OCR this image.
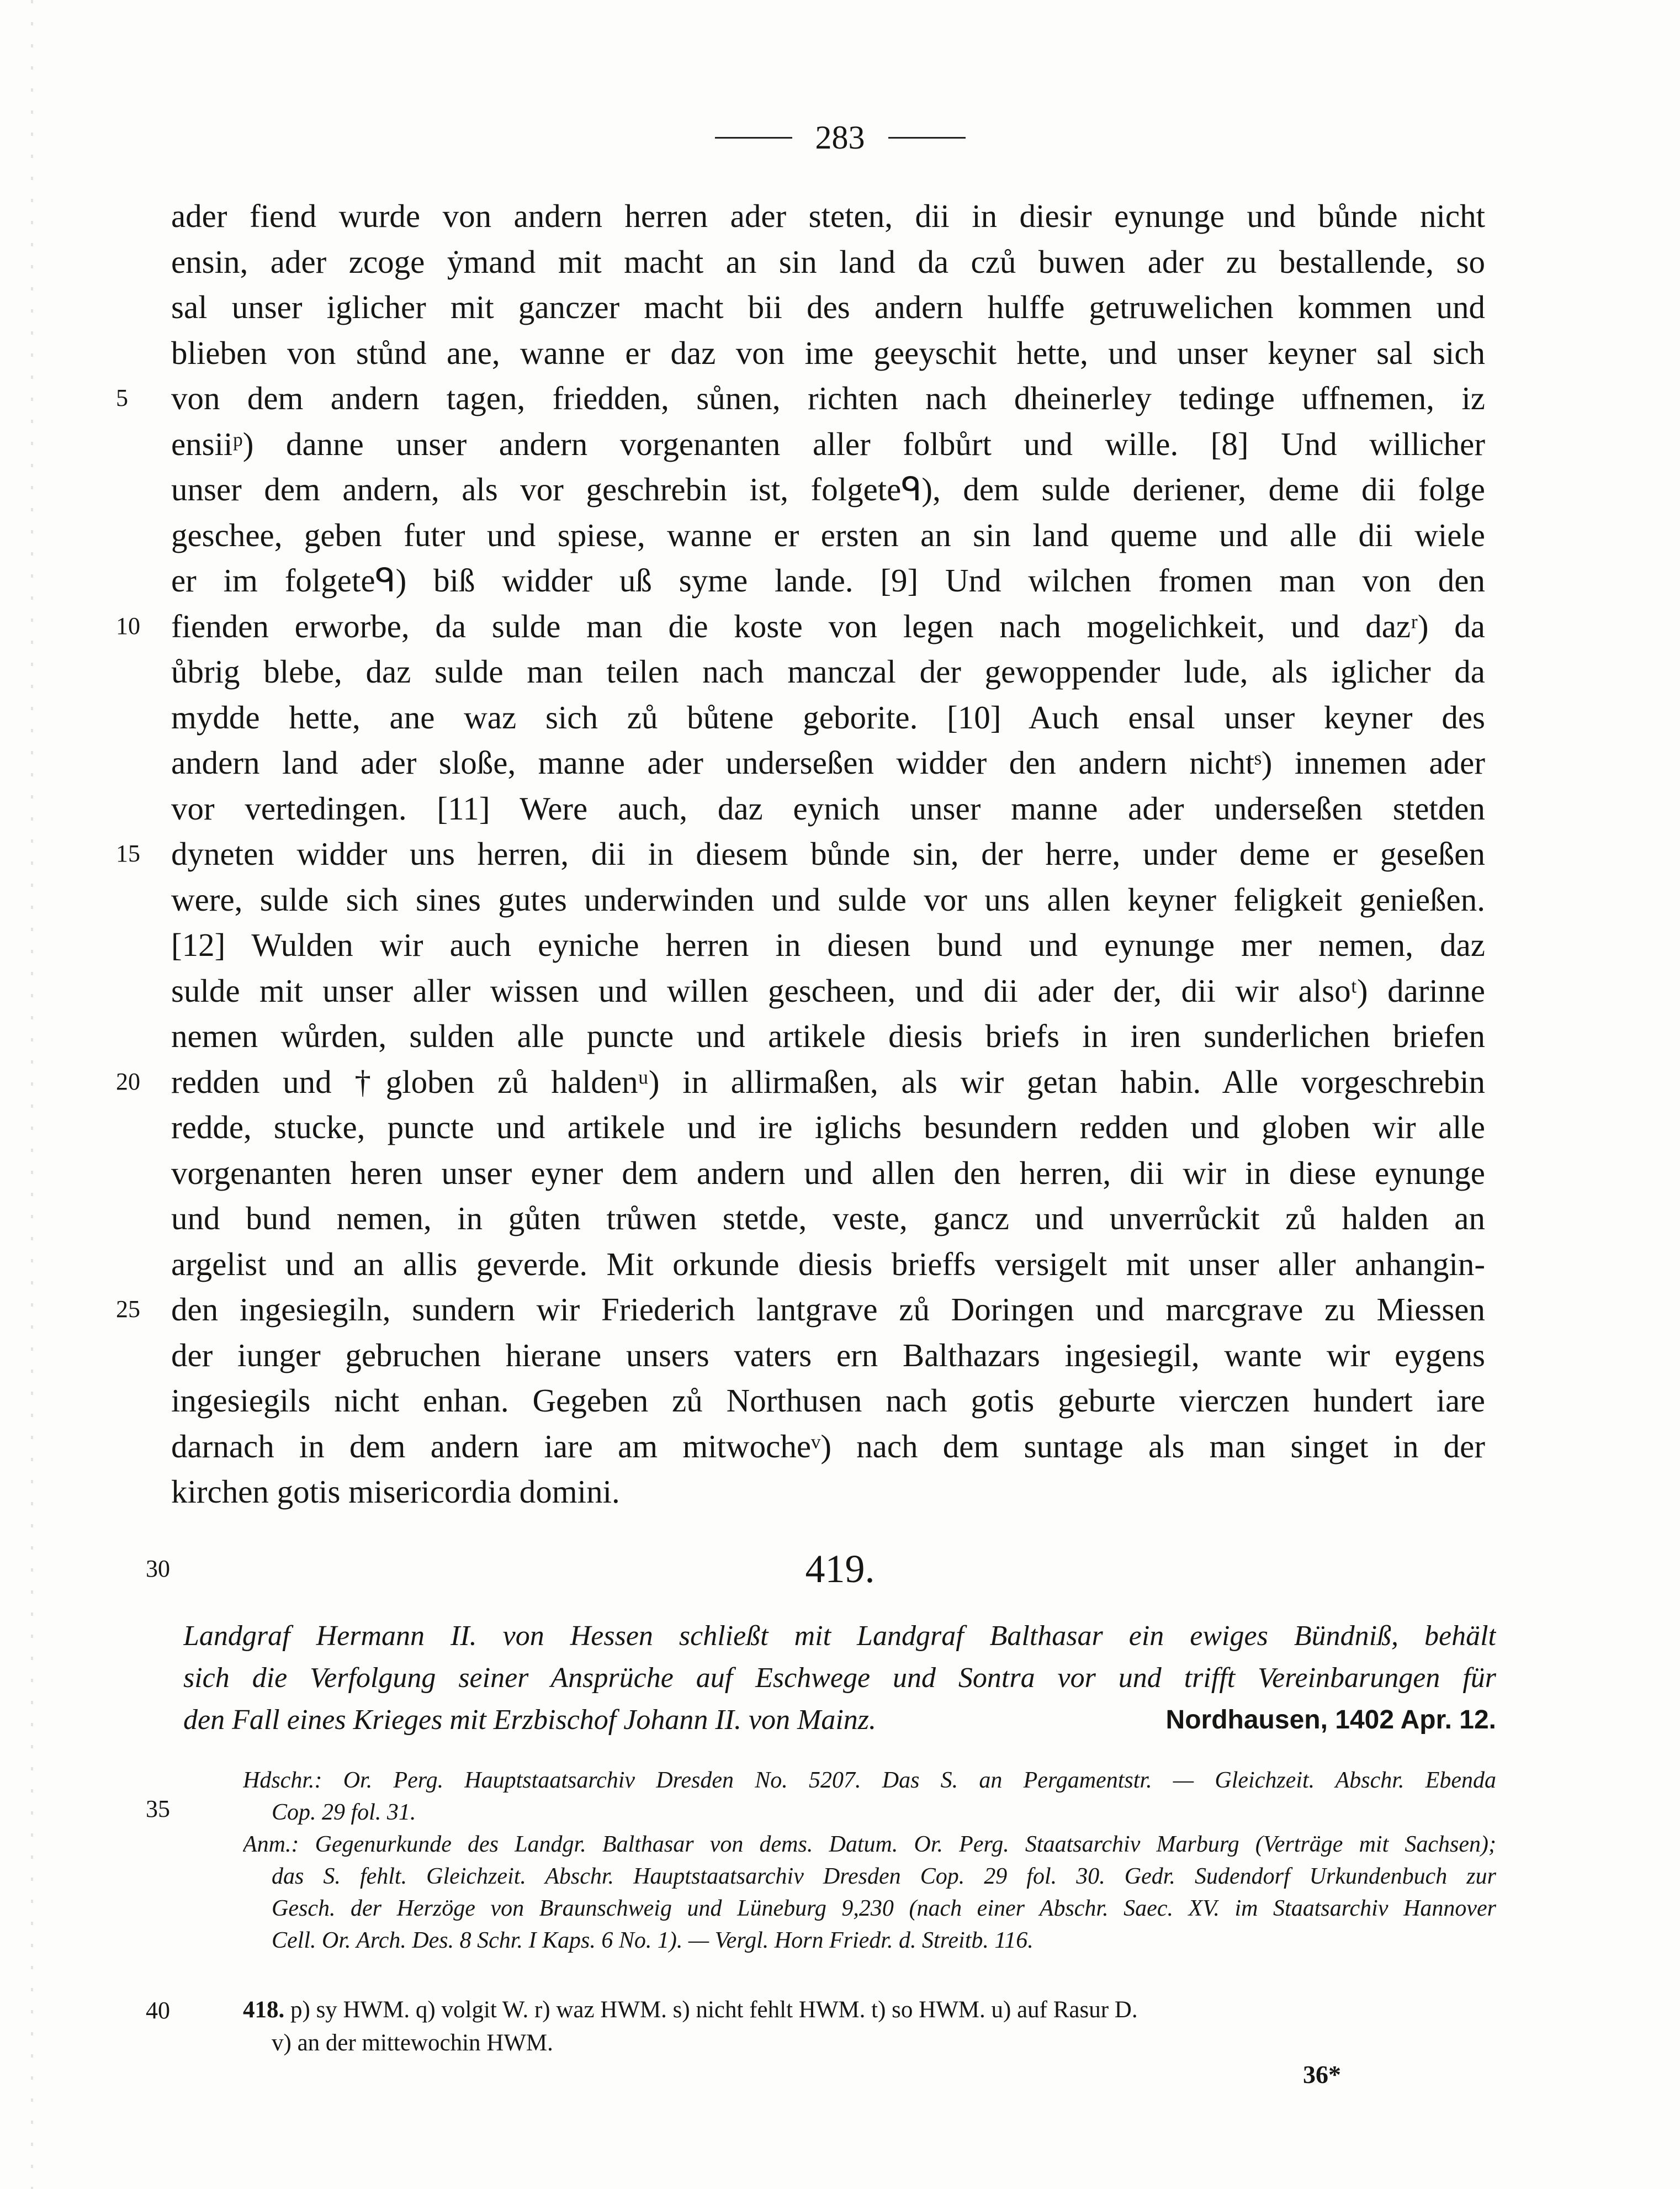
283
ader fiend wurde von andern herren ader steten, dii in diesir eynunge und bůnde nicht
ensin, ader zcoge ẏmand mit macht an sin land da czů buwen ader zu bestallende, so
sal unser iglicher mit ganczer macht bii des andern hulffe getruwelichen kommen und
blieben von stůnd ane, wanne er daz von ime geeyschit hette, und unser keyner sal sich
5	von dem andern tagen, friedden, sůnen, richten nach dheinerley tedinge uffnemen, iz
ensiiᵖ) danne unser andern vorgenanten aller folbůrt und wille. [8] Und willicher
unser dem andern, als vor geschrebin ist, folgeteᑫ), dem sulde deriener, deme dii folge
geschee, geben futer und spiese, wanne er ersten an sin land queme und alle dii wiele
er im folgeteᑫ) biß widder uß syme lande. [9] Und wilchen fromen man von den
10 fienden erworbe, da sulde man die koste von legen nach mogelichkeit, und dazʳ) da
ůbrig blebe, daz sulde man teilen nach manczal der gewoppender lude, als iglicher da
mydde hette, ane waz sich zů bůtene geborite. [10] Auch ensal unser keyner des
andern land ader sloße, manne ader underseßen widder den andern nichtˢ) innemen ader
vor vertedingen. [11] Were auch, daz eynich unser manne ader underseßen stetden
15 dyneten widder uns herren, dii in diesem bůnde sin, der herre, under deme er geseßen
were, sulde sich sines gutes underwinden und sulde vor uns allen keyner feligkeit genießen.
[12] Wulden wir auch eyniche herren in diesen bund und eynunge mer nemen, daz
sulde mit unser aller wissen und willen gescheen, und dii ader der, dii wir alsoᵗ) darinne
nemen wůrden, sulden alle puncte und artikele diesis briefs in iren sunderlichen briefen
20 redden und †globen zů haldenᵘ) in allirmaßen, als wir getan habin. Alle vorgeschrebin
redde, stucke, puncte und artikele und ire iglichs besundern redden und globen wir alle
vorgenanten heren unser eyner dem andern und allen den herren, dii wir in diese eynunge
und bund nemen, in gůten trůwen stetde, veste, gancz und unverrůckit zů halden an
argelist und an allis geverde. Mit orkunde diesis brieffs versigelt mit unser aller anhangin-
25 den ingesiegiln, sundern wir Friederich lantgrave zů Doringen und marcgrave zu Miessen
der iunger gebruchen hierane unsers vaters ern Balthazars ingesiegil, wante wir eygens
ingesiegils nicht enhan. Gegeben zů Northusen nach gotis geburte vierczen hundert iare
darnach in dem andern iare am mitwocheᵛ) nach dem suntage als man singet in der
kirchen gotis misericordia domini.
30	419.
Landgraf Hermann II. von Hessen schließt mit Landgraf Balthasar ein ewiges Bündniß, behält
sich die Verfolgung seiner Ansprüche auf Eschwege und Sontra vor und trifft Vereinbarungen für
den Fall eines Krieges mit Erzbischof Johann II. von Mainz.	Nordhausen, 1402 Apr. 12.
35
Hdschr.: Or. Perg. Hauptstaatsarchiv Dresden No. 5207. Das S. an Pergamentstr. — Gleichzeit. Abschr. Ebenda
Cop. 29 fol. 31.
Anm.: Gegenurkunde des Landgr. Balthasar von dems. Datum. Or. Perg. Staatsarchiv Marburg (Verträge mit Sachsen);
das S. fehlt. Gleichzeit. Abschr. Hauptstaatsarchiv Dresden Cop. 29 fol. 30. Gedr. Sudendorf Urkundenbuch zur
Gesch. der Herzöge von Braunschweig und Lüneburg 9,230 (nach einer Abschr. Saec. XV. im Staatsarchiv Hannover
Cell. Or. Arch. Des. 8 Schr. I Kaps. 6 No. 1). — Vergl. Horn Friedr. d. Streitb. 116.
40	418. p) sy HWM. q) volgit W. r) waz HWM. s) nicht fehlt HWM. t) so HWM. u) auf Rasur D.
v) an der mittewochin HWM.
36*
